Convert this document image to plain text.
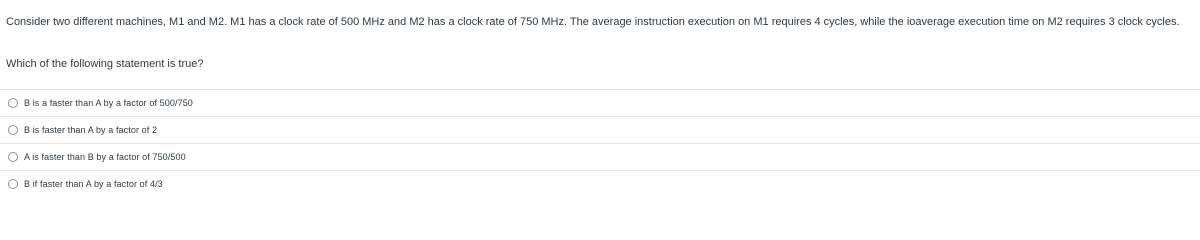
Consider two different machines, M1 and M2. M1 has a clock rate of 500 MHz and M2 has a clock rate of 750 MHz. The average instruction execution on M1 requires 4 cycles, while the ioaverage execution time on M2 requires 3 clock cycles.
Which of the following statement is true?
B is a faster than A by a factor of 500/750
B is faster than A by a factor of 2
A is faster than B by a factor of 750/500
B if faster than A by a factor of 4/3
